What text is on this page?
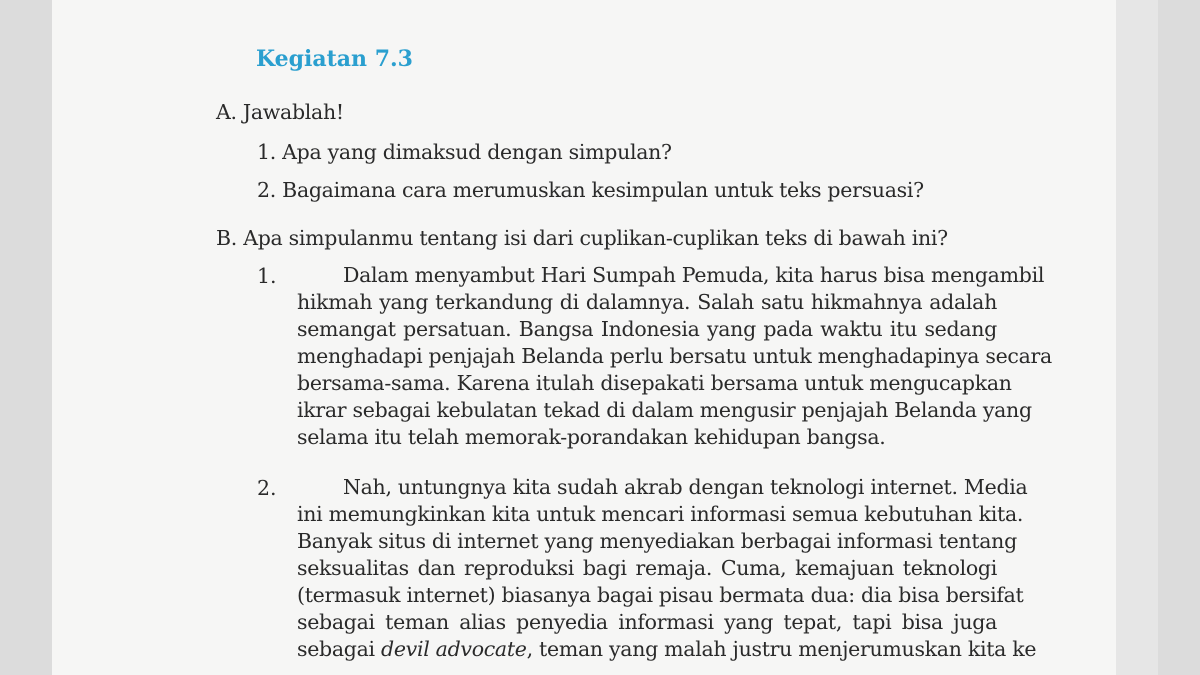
Kegiatan 7.3
A. Jawablah!
1. Apa yang dimaksud dengan simpulan?
2. Bagaimana cara merumuskan kesimpulan untuk teks persuasi?
B. Apa simpulanmu tentang isi dari cuplikan-cuplikan teks di bawah ini?
1.	Dalam menyambut Hari Sumpah Pemuda, kita harus bisa mengambil
hikmah yang terkandung di dalamnya. Salah satu hikmahnya adalah
semangat persatuan. Bangsa Indonesia yang pada waktu itu sedang
menghadapi penjajah Belanda perlu bersatu untuk menghadapinya secara
bersama-sama. Karena itulah disepakati bersama untuk mengucapkan
ikrar sebagai kebulatan tekad di dalam mengusir penjajah Belanda yang
selama itu telah memorak-porandakan kehidupan bangsa.
2.	Nah, untungnya kita sudah akrab dengan teknologi internet. Media
ini memungkinkan kita untuk mencari informasi semua kebutuhan kita.
Banyak situs di internet yang menyediakan berbagai informasi tentang
seksualitas dan reproduksi bagi remaja. Cuma, kemajuan teknologi
(termasuk internet) biasanya bagai pisau bermata dua: dia bisa bersifat
sebagai teman alias penyedia informasi yang tepat, tapi bisa juga
sebagai devil advocate, teman yang malah justru menjerumuskan kita ke
